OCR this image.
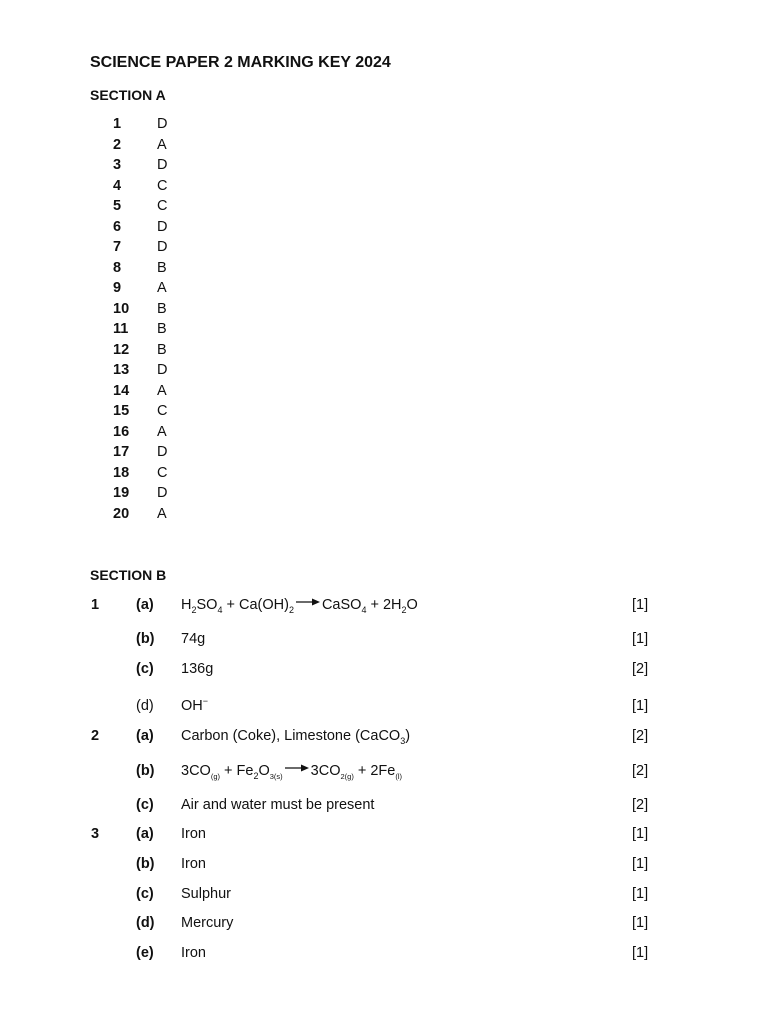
SCIENCE PAPER 2 MARKING KEY 2024
SECTION A
1 D
2 A
3 D
4 C
5 C
6 D
7 D
8 B
9 A
10 B
11 B
12 B
13 D
14 A
15 C
16 A
17 D
18 C
19 D
20 A
SECTION B
1	(a) $H_2SO_4 + Ca(OH)_2$ → CaSO$_4$ + $2H_2O$	[1]
(b) 74g	[1]
(c) 136g	[2]
(d) OH−	[1]
2	(a) Carbon (Coke), Limestone (CaCO$_3$)	[2]
(b) $3CO_{(g)} + Fe_2O_{3(s)} \to 3CO_{2(g)} + 2Fe_{(l)}$	[2]
(c) Air and water must be present	[2]
3	(a) Iron	[1]
(b) Iron	[1]
(c) Sulphur	[1]
(d) Mercury	[1]
(e) Iron	[1]
